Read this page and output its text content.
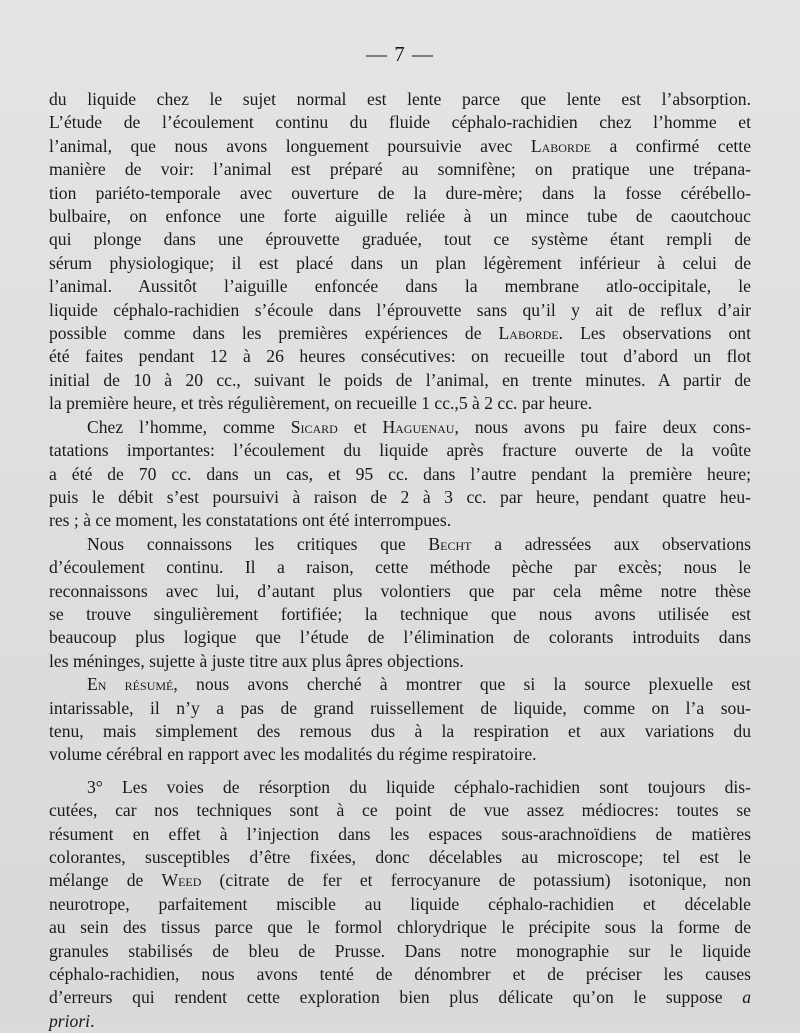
— 7 —
du liquide chez le sujet normal est lente parce que lente est l’absorption.
L’étude de l’écoulement continu du fluide céphalo-rachidien chez l’homme et
l’animal, que nous avons longuement poursuivie avec Laborde a confirmé cette
manière de voir: l’animal est préparé au somnifène; on pratique une trépana-
tion pariéto-temporale avec ouverture de la dure-mère; dans la fosse cérébello-
bulbaire, on enfonce une forte aiguille reliée à un mince tube de caoutchouc
qui plonge dans une éprouvette graduée, tout ce système étant rempli de
sérum physiologique; il est placé dans un plan légèrement inférieur à celui de
l’animal. Aussitôt l’aiguille enfoncée dans la membrane atlo-occipitale, le
liquide céphalo-rachidien s’écoule dans l’éprouvette sans qu’il y ait de reflux d’air
possible comme dans les premières expériences de Laborde. Les observations ont
été faites pendant 12 à 26 heures consécutives: on recueille tout d’abord un flot
initial de 10 à 20 cc., suivant le poids de l’animal, en trente minutes. A partir de
la première heure, et très régulièrement, on recueille 1 cc.,5 à 2 cc. par heure.
Chez l’homme, comme Sicard et Haguenau, nous avons pu faire deux cons-
tatations importantes: l’écoulement du liquide après fracture ouverte de la voûte
a été de 70 cc. dans un cas, et 95 cc. dans l’autre pendant la première heure;
puis le débit s’est poursuivi à raison de 2 à 3 cc. par heure, pendant quatre heu-
res ; à ce moment, les constatations ont été interrompues.
Nous connaissons les critiques que Becht a adressées aux observations
d’écoulement continu. Il a raison, cette méthode pèche par excès; nous le
reconnaissons avec lui, d’autant plus volontiers que par cela même notre thèse
se trouve singulièrement fortifiée; la technique que nous avons utilisée est
beaucoup plus logique que l’étude de l’élimination de colorants introduits dans
les méninges, sujette à juste titre aux plus âpres objections.
En résumé, nous avons cherché à montrer que si la source plexuelle est
intarissable, il n’y a pas de grand ruissellement de liquide, comme on l’a sou-
tenu, mais simplement des remous dus à la respiration et aux variations du
volume cérébral en rapport avec les modalités du régime respiratoire.
3° Les voies de résorption du liquide céphalo-rachidien sont toujours dis-
cutées, car nos techniques sont à ce point de vue assez médiocres: toutes se
résument en effet à l’injection dans les espaces sous-arachnoïdiens de matières
colorantes, susceptibles d’être fixées, donc décelables au microscope; tel est le
mélange de Weed (citrate de fer et ferrocyanure de potassium) isotonique, non
neurotrope, parfaitement miscible au liquide céphalo-rachidien et décelable
au sein des tissus parce que le formol chlorydrique le précipite sous la forme de
granules stabilisés de bleu de Prusse. Dans notre monographie sur le liquide
céphalo-rachidien, nous avons tenté de dénombrer et de préciser les causes
d’erreurs qui rendent cette exploration bien plus délicate qu’on le suppose a
priori.
